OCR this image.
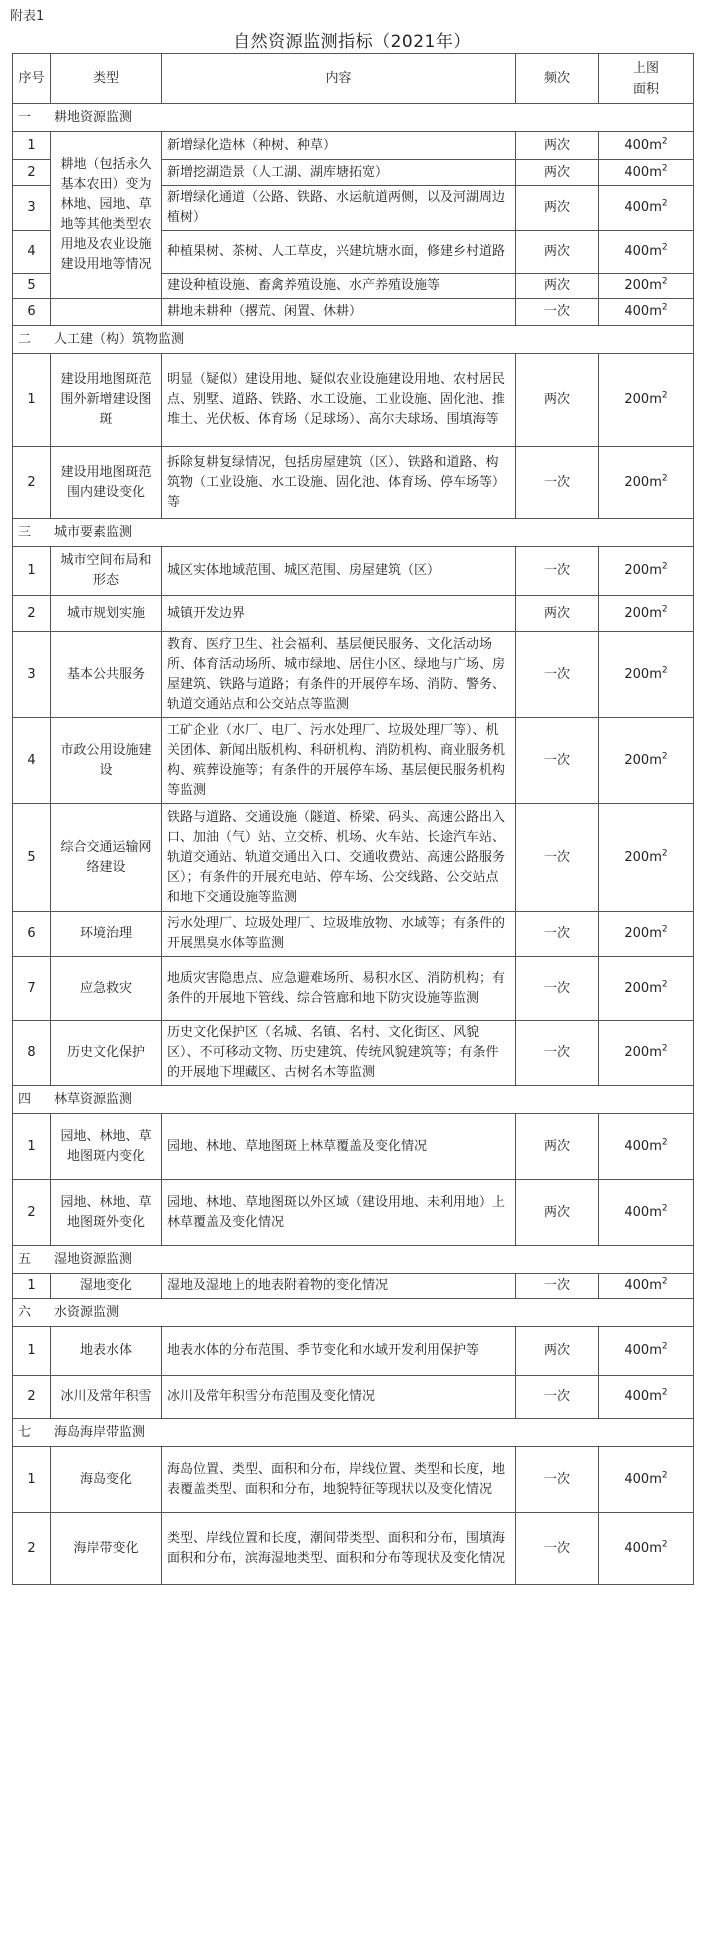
附表1
自然资源监测指标（2021年）
序号	类型	内容	频次	上图
面积

一 耕地资源监测				
1	耕地（包括永久基本农田）变为林地、园地、草地等其他类型农用地及农业设施建设用地等情况	新增绿化造林（种树、种草）	两次	$400m^2$
2		新增挖湖造景（人工湖、湖库塘拓宽）	两次	$400m^2$
3		新增绿化通道（公路、铁路、水运航道两侧，以及河湖周边植树）	两次	$400m^2$
4		种植果树、茶树、人工草皮，兴建坑塘水面，修建乡村道路	两次	$400m^2$
5		建设种植设施、畜禽养殖设施、水产养殖设施等	两次	$200m^2$
6		耕地未耕种（撂荒、闲置、休耕）	一次	$400m^2$
二 人工建（构）筑物监测				
1	建设用地图斑范围外新增建设图斑	明显（疑似）建设用地、疑似农业设施建设用地、农村居民点、别墅、道路、铁路、水工设施、工业设施、固化池、推堆土、光伏板、体育场（足球场）、高尔夫球场、围填海等	两次	$200m^2$
2	建设用地图斑范围内建设变化	拆除复耕复绿情况，包括房屋建筑（区）、铁路和道路、构筑物（工业设施、水工设施、固化池、体育场、停车场等）等	一次	$200m^2$
三 城市要素监测				
1	城市空间布局和形态	城区实体地域范围、城区范围、房屋建筑（区）	一次	$200m^2$
2	城市规划实施	城镇开发边界	两次	$200m^2$
3	基本公共服务	教育、医疗卫生、社会福利、基层便民服务、文化活动场所、体育活动场所、城市绿地、居住小区、绿地与广场、房屋建筑、铁路与道路；有条件的开展停车场、消防、警务、轨道交通站点和公交站点等监测	一次	$200m^2$
4	市政公用设施建设	工矿企业（水厂、电厂、污水处理厂、垃圾处理厂等）、机关团体、新闻出版机构、科研机构、消防机构、商业服务机构、殡葬设施等；有条件的开展停车场、基层便民服务机构等监测	一次	$200m^2$
5	综合交通运输网络建设	铁路与道路、交通设施（隧道、桥梁、码头、高速公路出入口、加油（气）站、立交桥、机场、火车站、长途汽车站、轨道交通站、轨道交通出入口、交通收费站、高速公路服务区）；有条件的开展充电站、停车场、公交线路、公交站点和地下交通设施等监测	一次	$200m^2$
6	环境治理	污水处理厂、垃圾处理厂、垃圾堆放物、水域等；有条件的开展黑臭水体等监测	一次	$200m^2$
7	应急救灾	地质灾害隐患点、应急避难场所、易积水区、消防机构；有条件的开展地下管线、综合管廊和地下防灾设施等监测	一次	$200m^2$
8	历史文化保护	历史文化保护区（名城、名镇、名村、文化街区、风貌区）、不可移动文物、历史建筑、传统风貌建筑等；有条件的开展地下埋藏区、古树名木等监测	一次	$200m^2$
四 林草资源监测				
1	园地、林地、草地图斑内变化	园地、林地、草地图斑上林草覆盖及变化情况	两次	$400m^2$
2	园地、林地、草地图斑外变化	园地、林地、草地图斑以外区域（建设用地、未利用地）上林草覆盖及变化情况	两次	$400m^2$
五 湿地资源监测				
1	湿地变化	湿地及湿地上的地表附着物的变化情况	一次	$400m^2$
六 水资源监测				
1	地表水体	地表水体的分布范围、季节变化和水域开发利用保护等	两次	$400m^2$
2	冰川及常年积雪	冰川及常年积雪分布范围及变化情况	一次	$400m^2$
七 海岛海岸带监测				
1	海岛变化	海岛位置、类型、面积和分布，岸线位置、类型和长度，地表覆盖类型、面积和分布，地貌特征等现状以及变化情况	一次	$400m^2$
2	海岸带变化	类型、岸线位置和长度，潮间带类型、面积和分布，围填海面积和分布，滨海湿地类型、面积和分布等现状及变化情况	一次	$400m^2$
